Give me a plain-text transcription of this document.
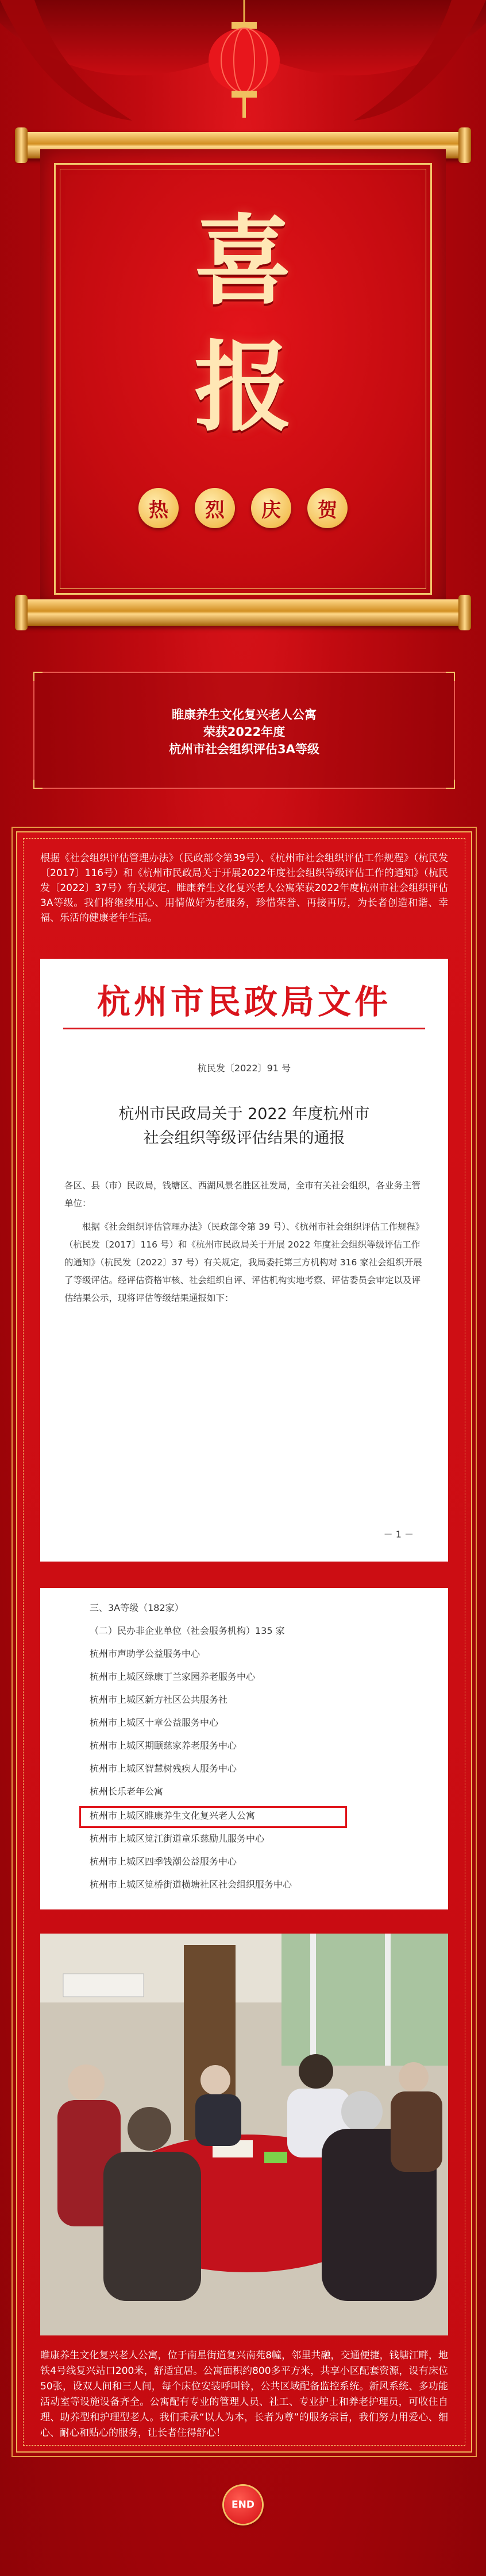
喜
报
热	烈	庆	贺
睢康养生文化复兴老人公寓
荣获2022年度
杭州市社会组织评估3A等级
根据《社会组织评估管理办法》（民政部令第39号）、《杭州市社会组织评估工作规程》（杭民发〔2017〕116号）和《杭州市民政局关于开展2022年度社会组织等级评估工作的通知》（杭民发〔2022〕37号）有关规定，睢康养生文化复兴老人公寓荣获2022年度杭州市社会组织评估3A等级。我们将继续用心、用情做好为老服务，珍惜荣誉、再接再厉，为长者创造和谐、幸福、乐活的健康老年生活。
杭州市民政局文件
杭民发〔2022〕91 号
杭州市民政局关于 2022 年度杭州市
社会组织等级评估结果的通报
各区、县（市）民政局，钱塘区、西湖风景名胜区社发局，全市有关社会组织，各业务主管单位：
根据《社会组织评估管理办法》（民政部令第 39 号）、《杭州市社会组织评估工作规程》（杭民发〔2017〕116 号）和《杭州市民政局关于开展 2022 年度社会组织等级评估工作的通知》（杭民发〔2022〕37 号）有关规定，我局委托第三方机构对 316 家社会组织开展了等级评估。经评估资格审核、社会组织自评、评估机构实地考察、评估委员会审定以及评估结果公示，现将评估等级结果通报如下：
－ 1 －
三、3A等级（182家）
（二）民办非企业单位（社会服务机构）135 家
杭州市声助学公益服务中心
杭州市上城区绿康丁兰家园养老服务中心
杭州市上城区新方社区公共服务社
杭州市上城区十章公益服务中心
杭州市上城区期颐慈家养老服务中心
杭州市上城区智慧树残疾人服务中心
杭州长乐老年公寓
杭州市上城区睢康养生文化复兴老人公寓
杭州市上城区笕江街道童乐慈励儿服务中心
杭州市上城区四季钱潮公益服务中心
杭州市上城区笕桥街道横塘社区社会组织服务中心
睢康养生文化复兴老人公寓，位于南星街道复兴南苑8幢，邻里共融，交通便捷，钱塘江畔，地铁4号线复兴站口200米，舒适宜居。公寓面积约800多平方米，共享小区配套资源，设有床位50张，设双人间和三人间，每个床位安装呼叫铃，公共区域配备监控系统。新风系统、多功能活动室等设施设备齐全。公寓配有专业的管理人员、社工、专业护士和养老护理员，可收住自理、助养型和护理型老人。我们秉承“以人为本，长者为尊”的服务宗旨，我们努力用爱心、细心、耐心和贴心的服务，让长者住得舒心！
END
